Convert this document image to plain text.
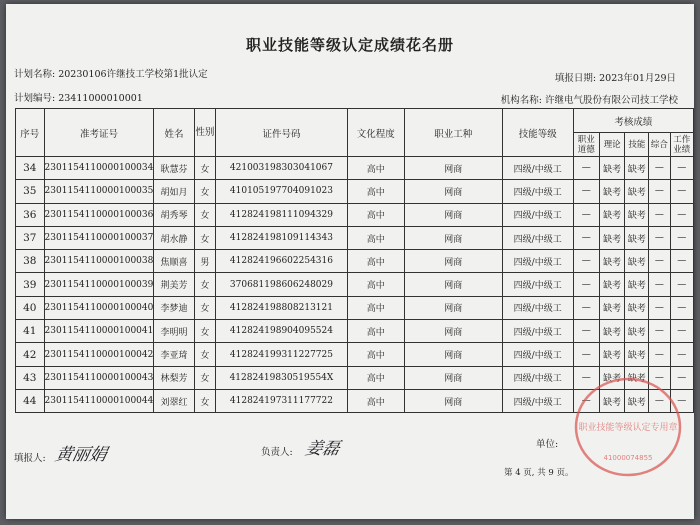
职业技能等级认定成绩花名册
计划名称: 20230106许继技工学校第1批认定	填报日期: 2023年01月29日
计划编号: 23411000010001	机构名称: 许继电气股份有限公司技工学校
序号	准考证号	姓名	性别	证件号码	文化程度	职业工种	技能等级	考核成绩				
								职业道德	理论	技能	综合	工作业绩
34	2301154110000100034	耿慧芬	女	421003198303041067	高中	网商	四级/中级工	—	缺考	缺考	—	—
35	2301154110000100035	胡如月	女	410105197704091023	高中	网商	四级/中级工	—	缺考	缺考	—	—
36	2301154110000100036	胡秀琴	女	412824198111094329	高中	网商	四级/中级工	—	缺考	缺考	—	—
37	2301154110000100037	胡水静	女	412824198109114343	高中	网商	四级/中级工	—	缺考	缺考	—	—
38	2301154110000100038	焦顺喜	男	412824196602254316	高中	网商	四级/中级工	—	缺考	缺考	—	—
39	2301154110000100039	荆美芳	女	370681198606248029	高中	网商	四级/中级工	—	缺考	缺考	—	—
40	2301154110000100040	李梦迪	女	412824198808213121	高中	网商	四级/中级工	—	缺考	缺考	—	—
41	2301154110000100041	李明明	女	412824198904095524	高中	网商	四级/中级工	—	缺考	缺考	—	—
42	2301154110000100042	李亚琦	女	412824199311227725	高中	网商	四级/中级工	—	缺考	缺考	—	—
43	2301154110000100043	林梨芳	女	41282419830519554X	高中	网商	四级/中级工	—	缺考	缺考	—	—
44	2301154110000100044	刘翠红	女	412824197311177722	高中	网商	四级/中级工	—	缺考	缺考	—	—
填报人: 黄丽娟	负责人: 姜磊	单位:
第 4 页, 共 9 页。
职业技能等级认定专用章
41000074855
